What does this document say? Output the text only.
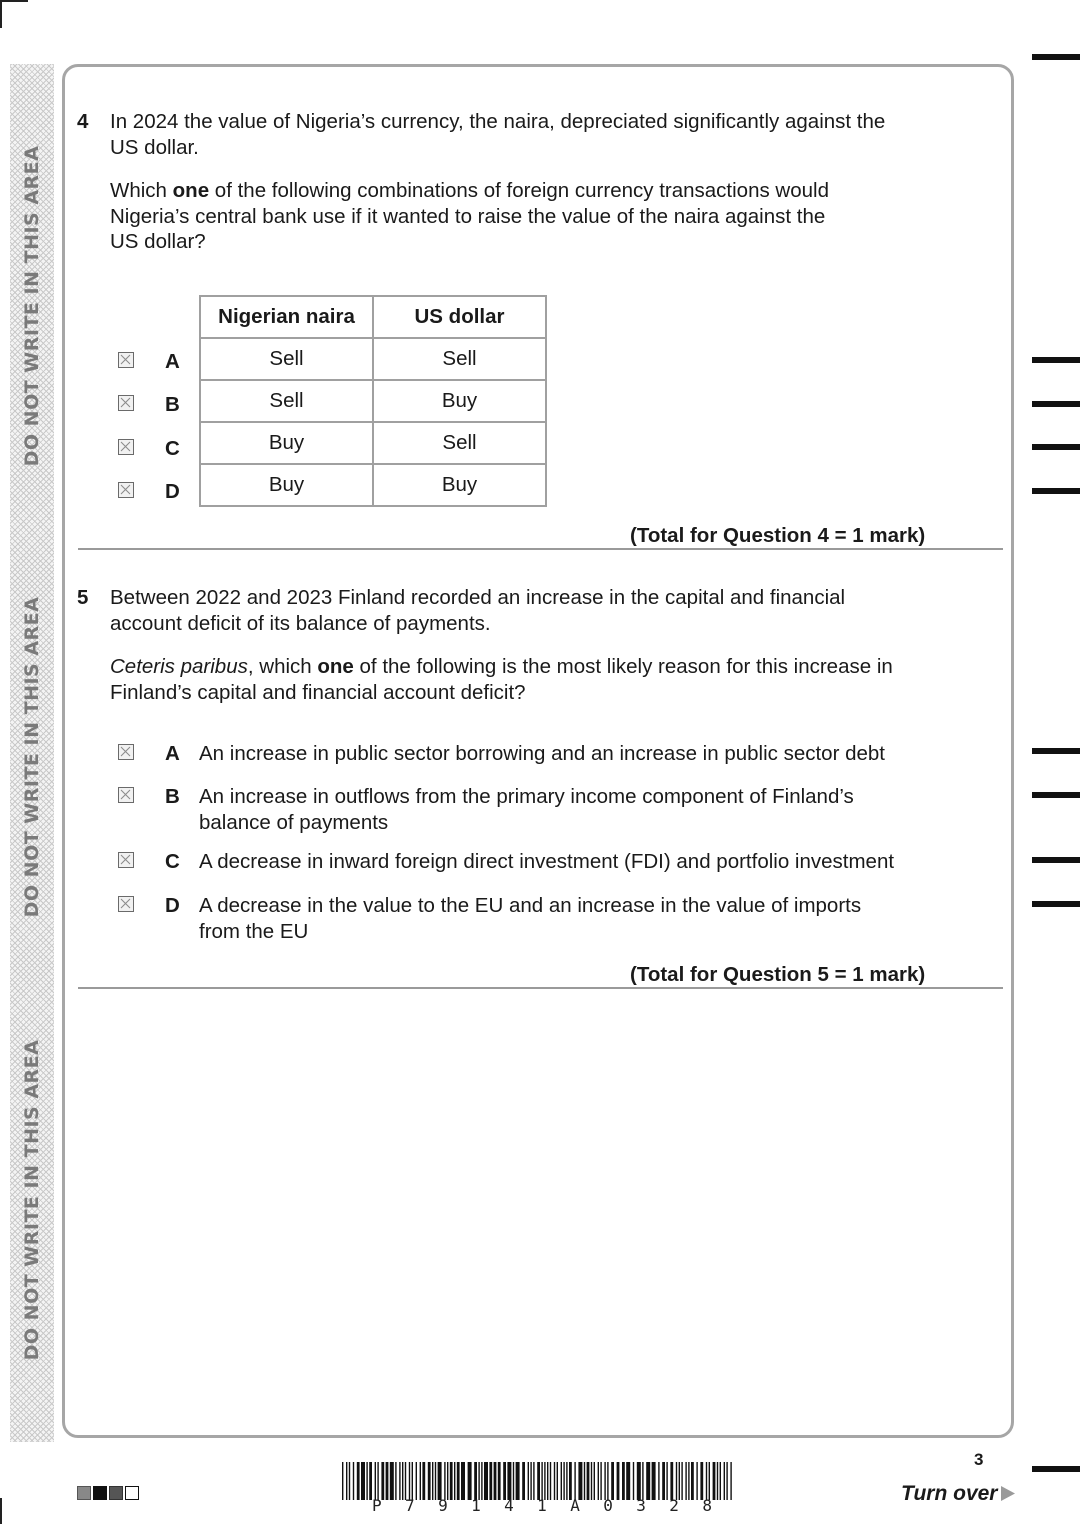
DO NOT WRITE IN THIS AREA
DO NOT WRITE IN THIS AREA
DO NOT WRITE IN THIS AREA
4 In 2024 the value of Nigeria’s currency, the naira, depreciated significantly against the
US dollar.
Which one of the following combinations of foreign currency transactions would
Nigeria’s central bank use if it wanted to raise the value of the naira against the
US dollar?
Nigerian naira	US dollar
Sell	Sell
Sell	Buy
Buy	Sell
Buy	Buy
A
B
C
D
(Total for Question 4 = 1 mark)
5 Between 2022 and 2023 Finland recorded an increase in the capital and financial
account deficit of its balance of payments.
Ceteris paribus, which one of the following is the most likely reason for this increase in
Finland’s capital and financial account deficit?
A An increase in public sector borrowing and an increase in public sector debt
B An increase in outflows from the primary income component of Finland’s
balance of payments
C A decrease in inward foreign direct investment (FDI) and portfolio investment
D A decrease in the value to the EU and an increase in the value of imports
from the EU
(Total for Question 5 = 1 mark)
P 7 9 1 4 1 A 0 3 2 8
3
Turn over
